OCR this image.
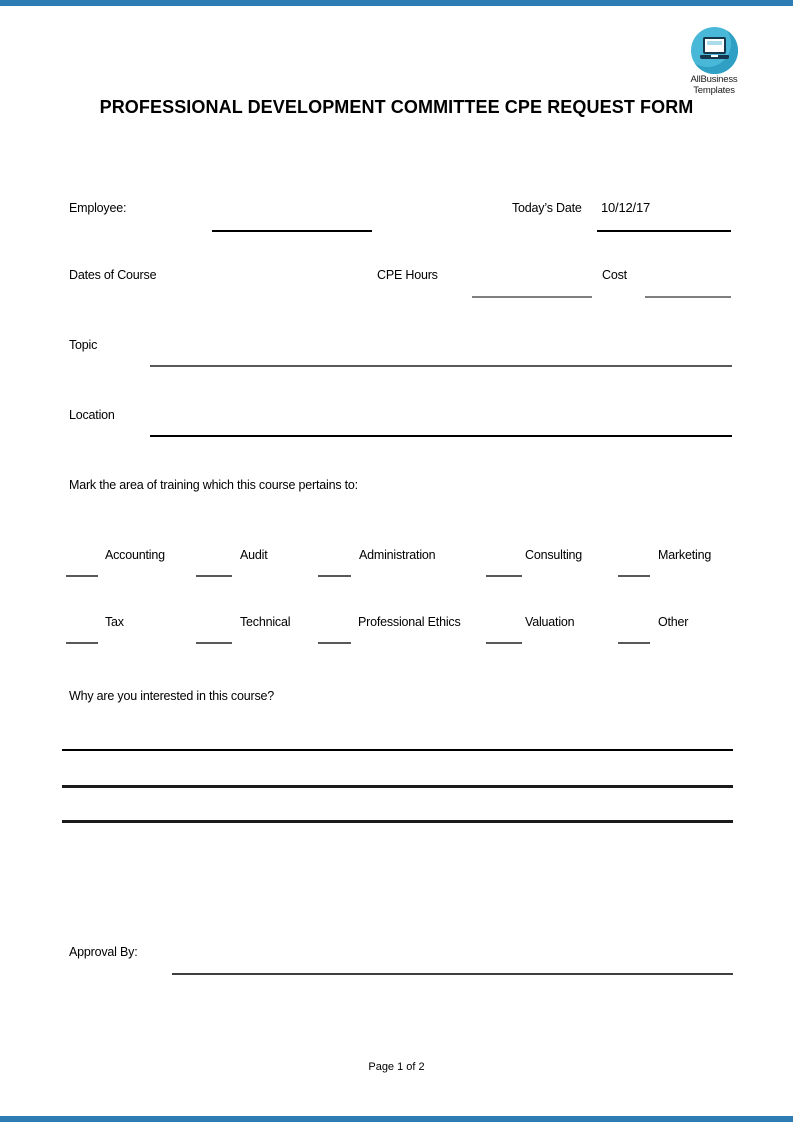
AllBusiness
Templates
PROFESSIONAL DEVELOPMENT COMMITTEE CPE REQUEST FORM
Employee:	Today’s Date 10/12/17
Dates of Course	CPE Hours	Cost
Topic
Location
Mark the area of training which this course pertains to:
Accounting	Audit	Administration	Consulting	Marketing
Tax	Technical	Professional Ethics	Valuation	Other
Why are you interested in this course?
Approval By:
Page 1 of 2
